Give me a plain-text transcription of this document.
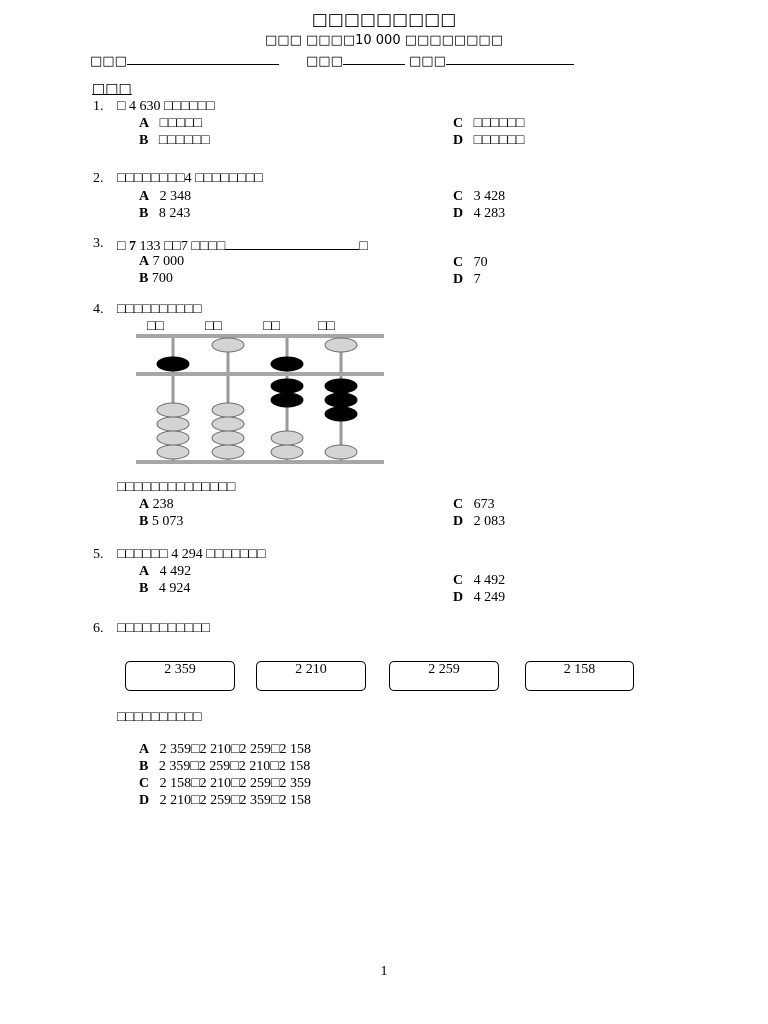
□□□□□□□□□
□□□ □□□□10 000 □□□□□□□□
□□□	□□□	□□□
□□□
1. □ 4 630 □□□□□□
A □□□□□
B □□□□□□
C □□□□□□
D □□□□□□
2. □□□□□□□□4 □□□□□□□□
A 2 348
B 8 243
C 3 428
D 4 283
3. □ 7 133 □□7 □□□□	□
A 7 000
B 700
C 70
D 7
4. □□□□□□□□□□
□□	□□	□□	□□
□□□□□□□□□□□□□□
A 238
B 5 073
C 673
D 2 083
5. □□□□□□ 4 294 □□□□□□□
A 4 492
B 4 924
C 4 492
D 4 249
6. □□□□□□□□□□□
2 359	2 210	2 259	2 158
□□□□□□□□□□
A 2 359□2 210□2 259□2 158
B 2 359□2 259□2 210□2 158
C 2 158□2 210□2 259□2 359
D 2 210□2 259□2 359□2 158
1
